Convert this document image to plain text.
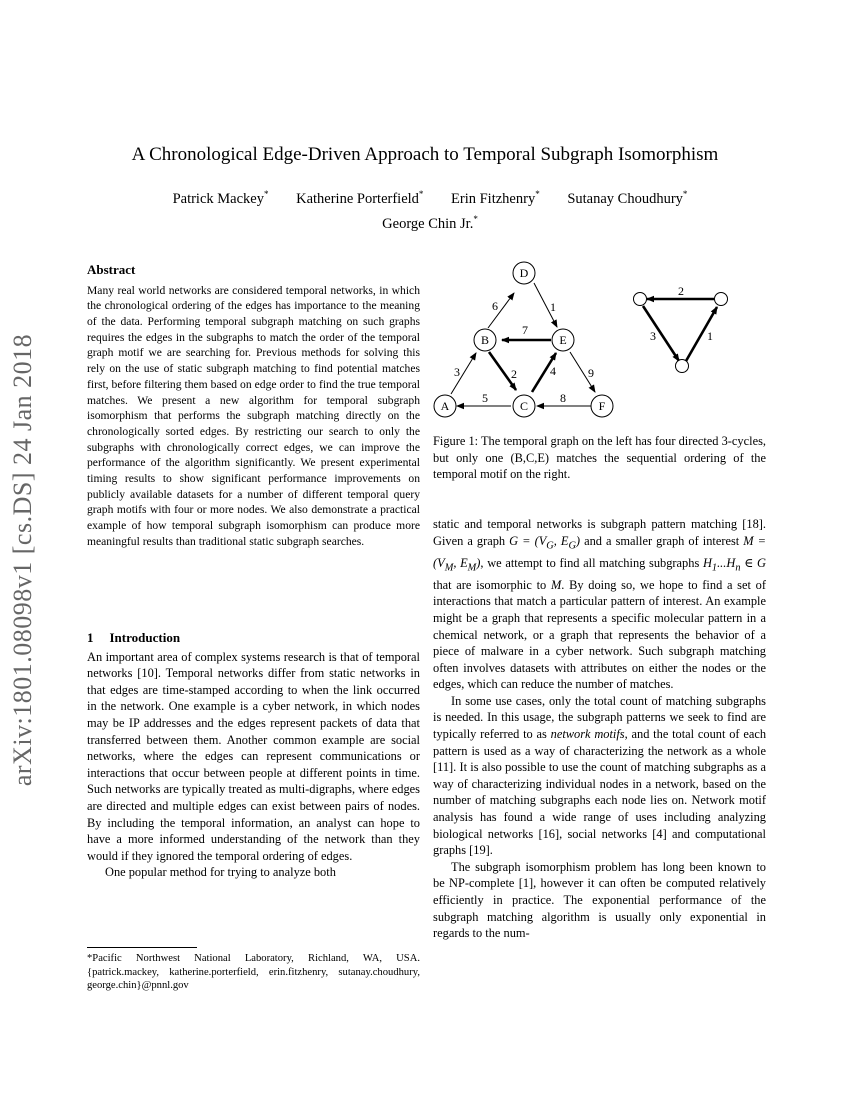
arXiv:1801.08098v1 [cs.DS] 24 Jan 2018
A Chronological Edge-Driven Approach to Temporal Subgraph Isomorphism
Patrick Mackey* Katherine Porterfield* Erin Fitzhenry* Sutanay Choudhury*
George Chin Jr.*
Abstract

Many real world networks are considered temporal networks, in which the chronological ordering of the edges has importance to the meaning of the data. Performing temporal subgraph matching on such graphs requires the edges in the subgraphs to match the order of the temporal graph motif we are searching for. Previous methods for solving this rely on the use of static subgraph matching to find potential matches first, before filtering them based on edge order to find the true temporal matches. We present a new algorithm for temporal subgraph isomorphism that performs the subgraph matching directly on the chronologically sorted edges. By restricting our search to only the subgraphs with chronologically correct edges, we can improve the performance of the algorithm significantly. We present experimental timing results to show significant performance improvements on publicly available datasets for a number of different temporal query graph motifs with four or more nodes. We also demonstrate a practical example of how temporal subgraph isomorphism can produce more meaningful results than traditional static subgraph searches.

1 Introduction

An important area of complex systems research is that of temporal networks [10]. Temporal networks differ from static networks in that edges are time-stamped according to when the link occurred in the network. One example is a cyber network, in which nodes may be IP addresses and the edges represent packets of data that transferred between them. Another common example are social networks, where the edges can represent communications or interactions that occur between people at different points in time. Such networks are typically treated as multi-digraphs, where edges are directed and multiple edges can exist between pairs of nodes. By including the temporal information, an analyst can hope to have a more informed understanding of the network than they would if they ignored the temporal ordering of edges.

One popular method for trying to analyze both

*Pacific Northwest National Laboratory, Richland, WA, USA. {patrick.mackey, katherine.porterfield, erin.fitzhenry, sutanay.choudhury, george.chin}@pnnl.gov
D
B	E
A	C	F
1
2
3	4
5
6
7
8
9
1
2
3
Figure 1: The temporal graph on the left has four directed 3-cycles, but only one (B,C,E) matches the sequential ordering of the temporal motif on the right.

static and temporal networks is subgraph pattern matching [18]. Given a graph $G = (V_G$, $E_G$) and a smaller graph of interest $M = (V_M$, $E_M$), we attempt to find all matching subgraphs $H_1...H_n$ ∈ G that are isomorphic to M. By doing so, we hope to find a set of interactions that match a particular pattern of interest. An example might be a graph that represents a specific molecular pattern in a chemical network, or a graph that represents the behavior of a piece of malware in a cyber network. Such subgraph matching often involves datasets with attributes on either the nodes or the edges, which can reduce the number of matches.

In some use cases, only the total count of matching subgraphs is needed. In this usage, the subgraph patterns we seek to find are typically referred to as network motifs, and the total count of each pattern is used as a way of characterizing the network as a whole [11]. It is also possible to use the count of matching subgraphs as a way of characterizing individual nodes in a network, based on the number of matching subgraphs each node lies on. Network motif analysis has found a wide range of uses including analyzing biological networks [16], social networks [4] and computational graphs [19].

The subgraph isomorphism problem has long been known to be NP-complete [1], however it can often be computed relatively efficiently in practice. The exponential performance of the subgraph matching algorithm is usually only exponential in regards to the num-
